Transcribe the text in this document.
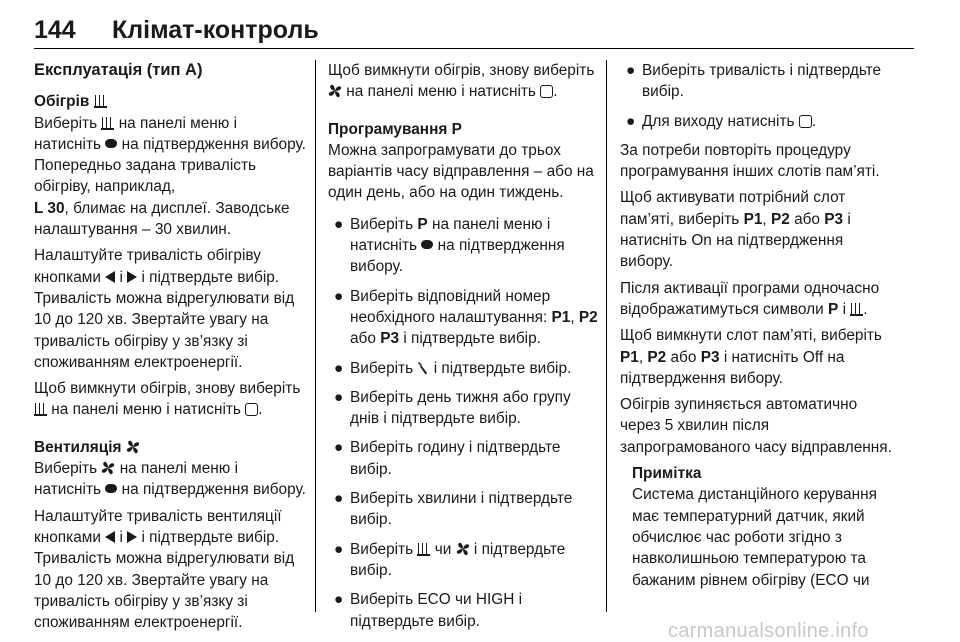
144 Клімат-контроль
Експлуатація (тип А)
Обігрів

Виберіть на панелі меню і натисніть на підтвердження вибору. Попередньо задана тривалість обігріву, наприклад,
L 30, блимає на дисплеї. Заводське налаштування – 30 хвилин.

Налаштуйте тривалість обігріву кнопками і і підтвердьте вибір. Тривалість можна відрегулювати від 10 до 120 хв. Звертайте увагу на тривалість обігріву у зв’язку зі споживанням електроенергії.

Щоб вимкнути обігрів, знову виберіть
на панелі меню і натисніть .

Вентиляція

Виберіть на панелі меню і натисніть на підтвердження вибору.

Налаштуйте тривалість вентиляції кнопками і і підтвердьте вибір. Тривалість можна відрегулювати від 10 до 120 хв. Звертайте увагу на тривалість обігріву у зв’язку зі споживанням електроенергії.

Щоб вимкнути обігрів, знову виберіть  на панелі меню і натисніть .

Програмування P

Можна запрограмувати до трьох варіантів часу відправлення – або на один день, або на один тиждень.

● Виберіть P на панелі меню і натисніть на підтвердження вибору.
● Виберіть відповідний номер необхідного налаштування: P1, P2 або P3 і підтвердьте вибір.
● Виберіть і підтвердьте вибір.
● Виберіть день тижня або групу днів і підтвердьте вибір.
● Виберіть годину і підтвердьте вибір.
● Виберіть хвилини і підтвердьте вибір.
● Виберіть чи і підтвердьте вибір.
● Виберіть ECO чи HIGH і підтвердьте вибір.
● Виберіть тривалість і підтвердьте вибір.
● Для виходу натисніть .

За потреби повторіть процедуру програмування інших слотів пам’яті.

Щоб активувати потрібний слот пам’яті, виберіть P1, P2 або P3 і натисніть On на підтвердження вибору.

Після активації програми одночасно відображатимуться символи P і .

Щоб вимкнути слот пам’яті, виберіть P1, P2 або P3 і натисніть Off на підтвердження вибору.

Обігрів зупиняється автоматично через 5 хвилин після запрограмованого часу відправлення.

Примітка

Система дистанційного керування має температурний датчик, який обчислює час роботи згідно з навколишньою температурою та бажаним рівнем обігріву (ECO чи

carmanualsonline.info
